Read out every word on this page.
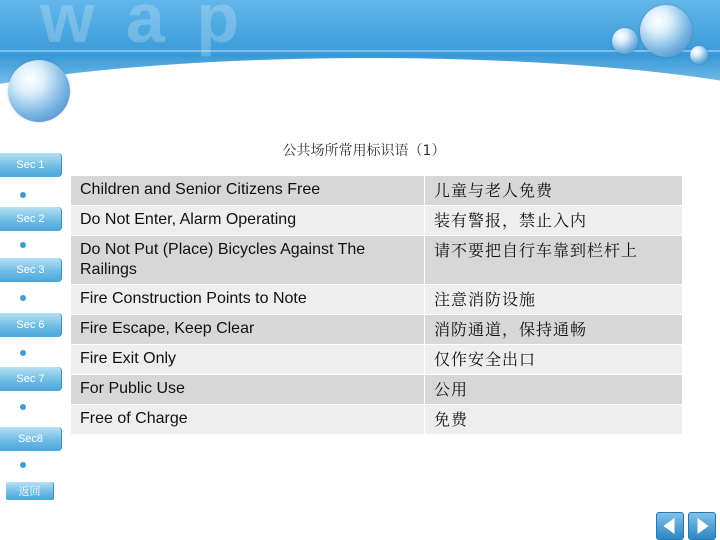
w a p
SECTION 4
Sec 1
Sec 2
Sec 3
Sec 6
Sec 7
Sec8
返回
公共场所常用标识语（1）
Children and Senior Citizens Free	儿童与老人免费
Do Not Enter, Alarm Operating	装有警报，禁止入内
Do Not Put (Place) Bicycles Against The Railings	请不要把自行车靠到栏杆上
Fire Construction Points to Note	注意消防设施
Fire Escape, Keep Clear	消防通道，保持通畅
Fire Exit Only	仅作安全出口
For Public Use	公用
Free of Charge	免费
